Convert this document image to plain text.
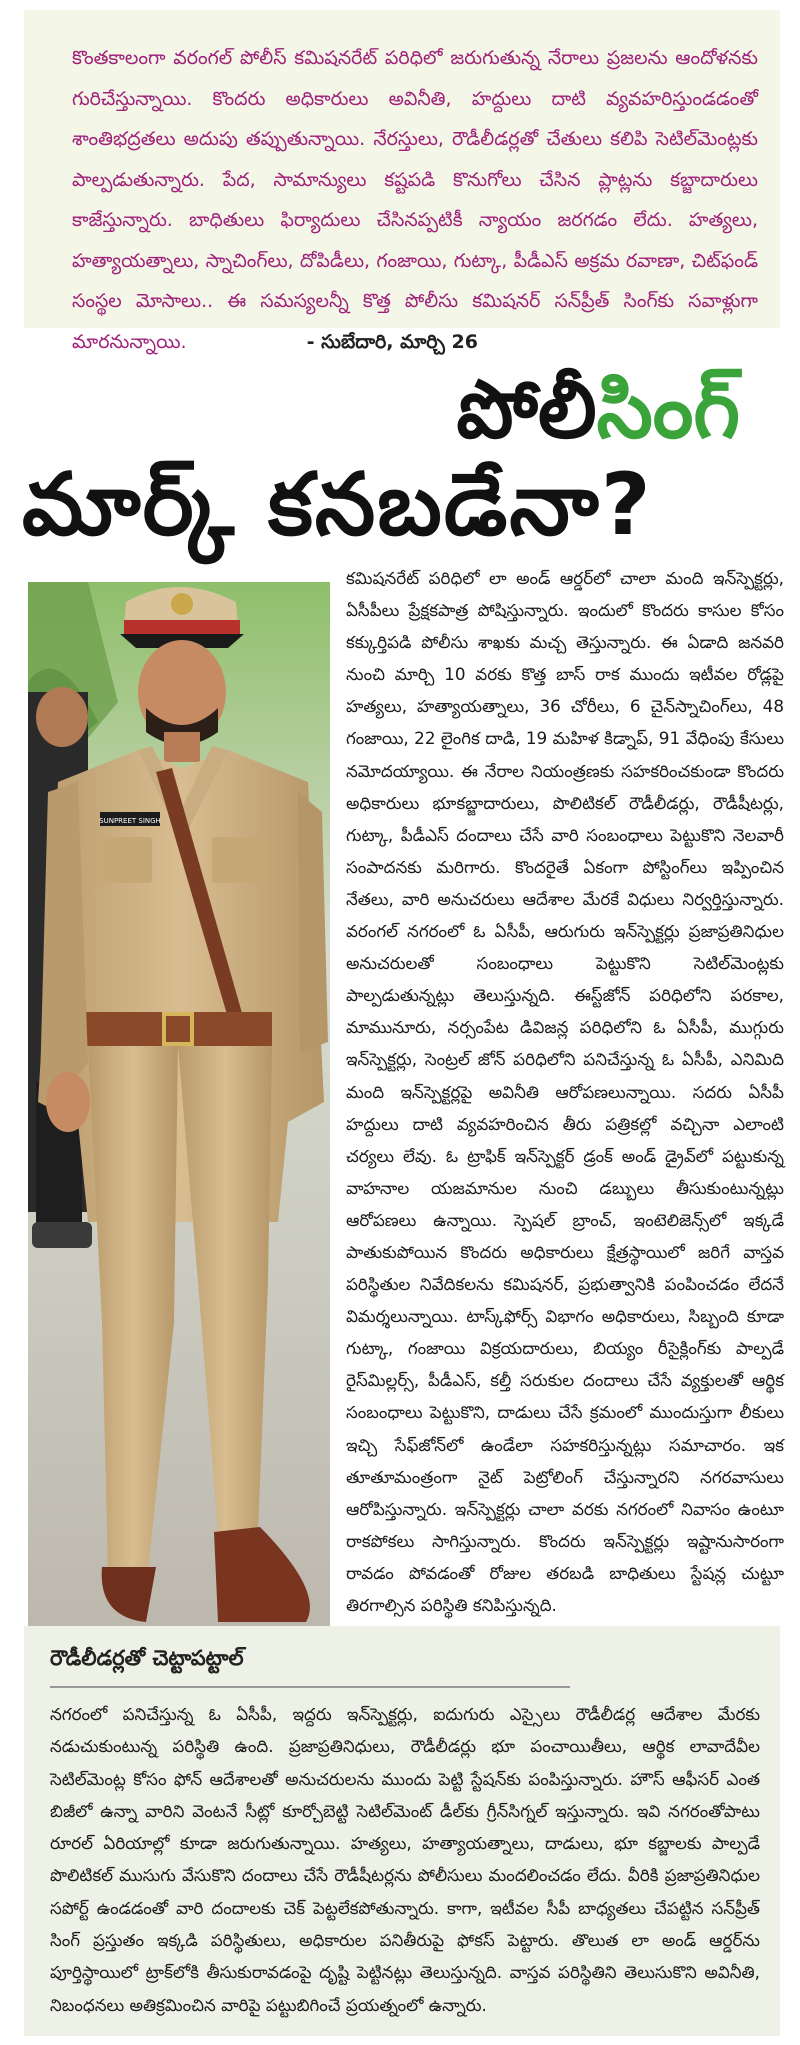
కొంతకాలంగా వరంగల్ పోలీస్ కమిషనరేట్ పరిధిలో జరుగుతున్న నేరాలు ప్రజలను ఆందోళనకు గురిచేస్తున్నాయి. కొందరు అధికారులు అవినీతి, హద్దులు దాటి వ్యవహరిస్తుండడంతో శాంతిభద్రతలు అదుపు తప్పుతున్నాయి. నేరస్తులు, రౌడీలీడర్లతో చేతులు కలిపి సెటిల్‌మెంట్లకు పాల్పడుతున్నారు. పేద, సామాన్యులు కష్టపడి కొనుగోలు చేసిన ప్లాట్లను కబ్జాదారులు కాజేస్తున్నారు. బాధితులు ఫిర్యాదులు చేసినప్పటికీ న్యాయం జరగడం లేదు. హత్యలు, హత్యాయత్నాలు, స్నాచింగ్‌లు, దోపిడీలు, గంజాయి, గుట్కా, పీడీఎస్ అక్రమ రవాణా, చిట్‌ఫండ్ సంస్థల మోసాలు.. ఈ సమస్యలన్నీ కొత్త పోలీసు కమిషనర్ సన్‌ప్రీత్ సింగ్‌కు సవాళ్లుగా మారనున్నాయి.	- సుబేదారి, మార్చి 26

పోలీసింగ్
మార్క్ కనబడేనా?
SUNPREET SINGH

కమిషనరేట్ పరిధిలో లా అండ్ ఆర్డర్‌లో చాలా మంది ఇన్‌స్పెక్టర్లు, ఏసీపీలు ప్రేక్షకపాత్ర పోషిస్తున్నారు. ఇందులో కొందరు కాసుల కోసం కక్కుర్తిపడి పోలీసు శాఖకు మచ్చ తెస్తున్నారు. ఈ ఏడాది జనవరి నుంచి మార్చి 10 వరకు కొత్త బాస్ రాక ముందు ఇటీవల రోడ్లపై హత్యలు, హత్యాయత్నాలు, 36 చోరీలు, 6 చైన్‌స్నాచింగ్‌లు, 48 గంజాయి, 22 లైంగిక దాడి, 19 మహిళ కిడ్నాప్, 91 వేధింపు కేసులు నమోదయ్యాయి. ఈ నేరాల నియంత్రణకు సహకరించకుండా కొందరు అధికారులు భూకబ్జాదారులు, పొలిటికల్ రౌడీలీడర్లు, రౌడీషీటర్లు, గుట్కా, పీడీఎస్ దందాలు చేసే వారి సంబంధాలు పెట్టుకొని నెలవారీ సంపాదనకు మరిగారు. కొందరైతే ఏకంగా పోస్టింగ్‌లు ఇప్పించిన నేతలు, వారి అనుచరులు ఆదేశాల మేరకే విధులు నిర్వర్తిస్తున్నారు. వరంగల్ నగరంలో ఓ ఏసీపీ, ఆరుగురు ఇన్‌స్పెక్టర్లు ప్రజాప్రతినిధుల అనుచరులతో సంబంధాలు పెట్టుకొని సెటిల్‌మెంట్లకు పాల్పడుతున్నట్లు తెలుస్తున్నది. ఈస్ట్‌జోన్ పరిధిలోని పరకాల, మామునూరు, నర్సంపేట డివిజన్ల పరిధిలోని ఓ ఏసీపీ, ముగ్గురు ఇన్‌స్పెక్టర్లు, సెంట్రల్ జోన్ పరిధిలోని పనిచేస్తున్న ఓ ఏసీపీ, ఎనిమిది మంది ఇన్‌స్పెక్టర్లపై అవినీతి ఆరోపణలున్నాయి. సదరు ఏసీపీ హద్దులు దాటి వ్యవహరించిన తీరు పత్రికల్లో వచ్చినా ఎలాంటి చర్యలు లేవు. ఓ ట్రాఫిక్ ఇన్‌స్పెక్టర్ డ్రంక్ అండ్ డ్రైవ్‌లో పట్టుకున్న వాహనాల యజమానుల నుంచి డబ్బులు తీసుకుంటున్నట్లు ఆరోపణలు ఉన్నాయి. స్పెషల్ బ్రాంచ్, ఇంటెలిజెన్స్‌లో ఇక్కడే పాతుకుపోయిన కొందరు అధికారులు క్షేత్రస్థాయిలో జరిగే వాస్తవ పరిస్థితుల నివేదికలను కమిషనర్, ప్రభుత్వానికి పంపించడం లేదనే విమర్శలున్నాయి. టాస్క్‌ఫోర్స్ విభాగం అధికారులు, సిబ్బంది కూడా గుట్కా, గంజాయి విక్రయదారులు, బియ్యం రీసైక్లింగ్‌కు పాల్పడే రైస్‌మిల్లర్స్, పీడీఎస్, కల్తీ సరుకుల దందాలు చేసే వ్యక్తులతో ఆర్థిక సంబంధాలు పెట్టుకొని, దాడులు చేసే క్రమంలో ముందుస్తుగా లీకులు ఇచ్చి సేఫ్‌జోన్‌లో ఉండేలా సహకరిస్తున్నట్లు సమాచారం. ఇక తూతూమంత్రంగా నైట్ పెట్రోలింగ్ చేస్తున్నారని నగరవాసులు ఆరోపిస్తున్నారు. ఇన్‌స్పెక్టర్లు చాలా వరకు నగరంలో నివాసం ఉంటూ రాకపోకలు సాగిస్తున్నారు. కొందరు ఇన్‌స్పెక్టర్లు ఇష్టానుసారంగా రావడం పోవడంతో రోజుల తరబడి బాధితులు స్టేషన్ల చుట్టూ తిరగాల్సిన పరిస్థితి కనిపిస్తున్నది.

రౌడీలీడర్లతో చెట్టాపట్టాల్

నగరంలో పనిచేస్తున్న ఓ ఏసీపీ, ఇద్దరు ఇన్‌స్పెక్టర్లు, ఐదుగురు ఎస్సైలు రౌడీలీడర్ల ఆదేశాల మేరకు నడుచుకుంటున్న పరిస్థితి ఉంది. ప్రజాప్రతినిధులు, రౌడీలీడర్లు భూ పంచాయితీలు, ఆర్థిక లావాదేవీల సెటిల్‌మెంట్ల కోసం ఫోన్ ఆదేశాలతో అనుచరులను ముందు పెట్టి స్టేషన్‌కు పంపిస్తున్నారు. హౌస్ ఆఫీసర్ ఎంత బిజీలో ఉన్నా వారిని వెంటనే సీట్లో కూర్చోబెట్టి సెటిల్‌మెంట్ డీల్‌కు గ్రీన్‌సిగ్నల్ ఇస్తున్నారు. ఇవి నగరంతోపాటు రూరల్ ఏరియాల్లో కూడా జరుగుతున్నాయి. హత్యలు, హత్యాయత్నాలు, దాడులు, భూ కబ్జాలకు పాల్పడే పొలిటికల్ ముసుగు వేసుకొని దందాలు చేసే రౌడీషీటర్లను పోలీసులు మందలించడం లేదు. వీరికి ప్రజాప్రతినిధుల సపోర్ట్ ఉండడంతో వారి దందాలకు చెక్ పెట్టలేకపోతున్నారు. కాగా, ఇటీవల సీపీ బాధ్యతలు చేపట్టిన సన్‌ప్రీత్ సింగ్ ప్రస్తుతం ఇక్కడి పరిస్థితులు, అధికారుల పనితీరుపై ఫోకస్ పెట్టారు. తొలుత లా అండ్ ఆర్డర్‌ను పూర్తిస్థాయిలో ట్రాక్‌లోకి తీసుకురావడంపై దృష్టి పెట్టినట్లు తెలుస్తున్నది. వాస్తవ పరిస్థితిని తెలుసుకొని అవినీతి, నిబంధనలు అతిక్రమించిన వారిపై పట్టుబిగించే ప్రయత్నంలో ఉన్నారు.
